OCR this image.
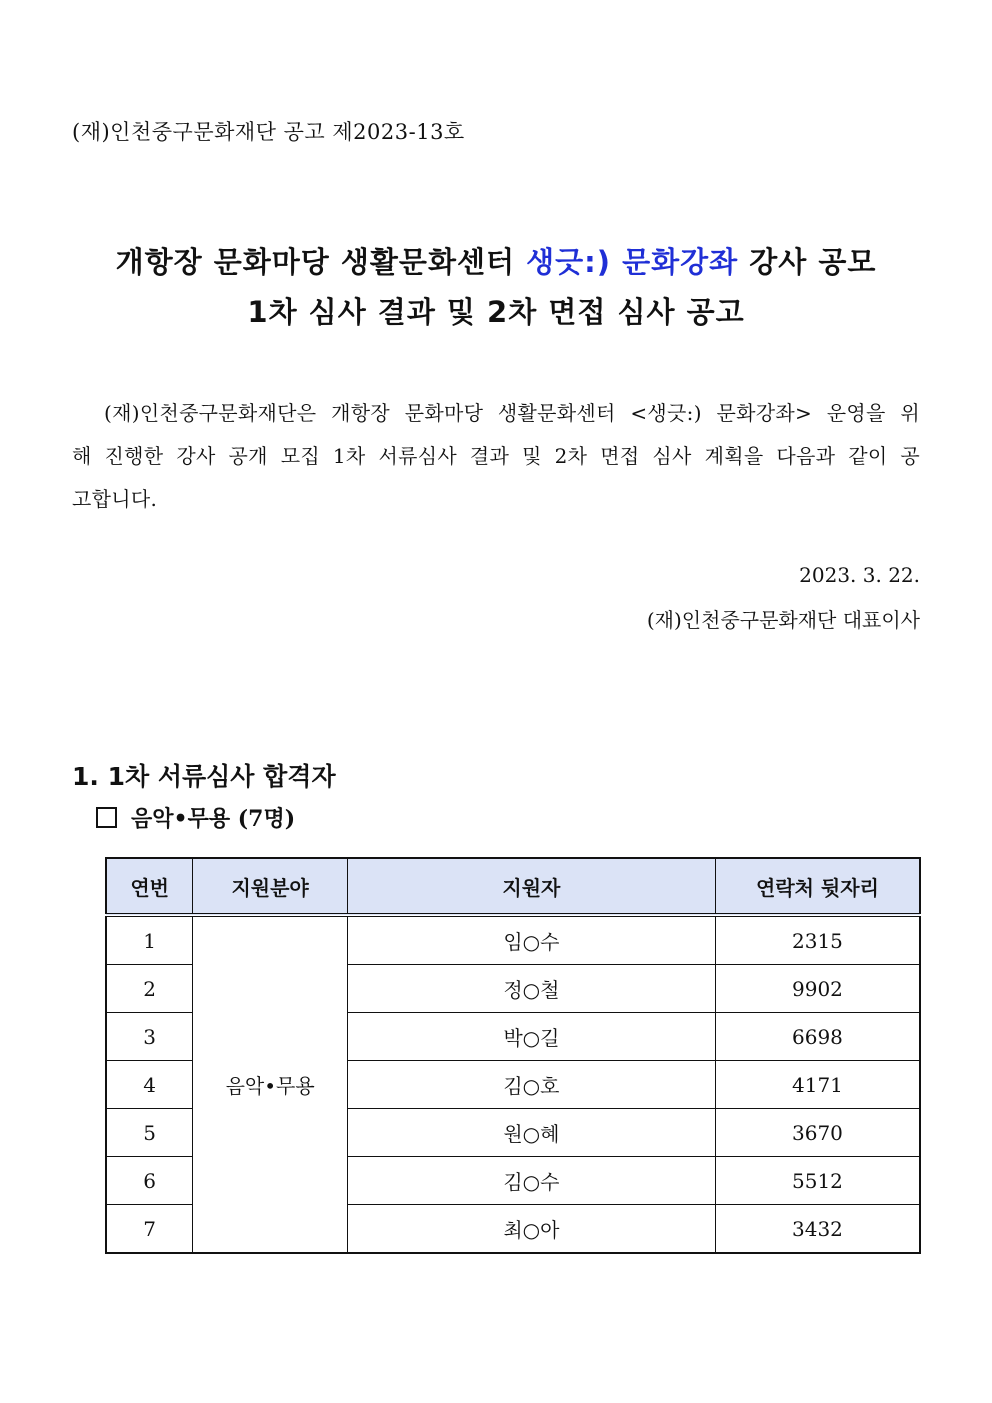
(재)인천중구문화재단 공고 제2023-13호
개항장 문화마당 생활문화센터 생긋:) 문화강좌 강사 공모
1차 심사 결과 및 2차 면접 심사 공고
(재)인천중구문화재단은 개항장 문화마당 생활문화센터 <생긋:) 문화강좌> 운영을 위해 진행한 강사 공개 모집 1차 서류심사 결과 및 2차 면접 심사 계획을 다음과 같이 공고합니다.
2023. 3. 22.
(재)인천중구문화재단 대표이사
1. 1차 서류심사 합격자
음악•무용 (7명)
연번	지원분야	지원자	연락처 뒷자리
1	음악•무용	임○수	2315
2		정○철	9902
3		박○길	6698
4		김○호	4171
5		원○혜	3670
6		김○수	5512
7		최○아	3432
